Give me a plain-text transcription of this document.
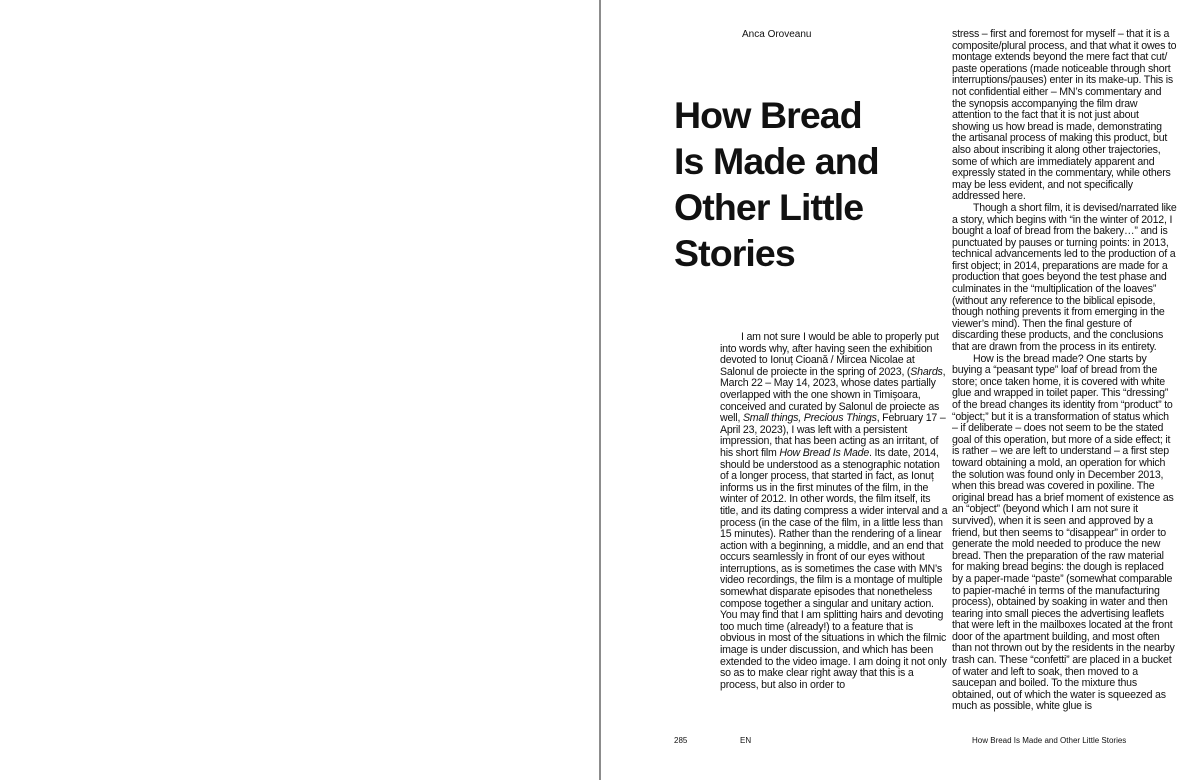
Anca Oroveanu
How Bread
Is Made and
Other Little
Stories

I am not sure I would be able to properly put into words why, after having seen the exhibition devoted to Ionuț Cioană / Mircea Nicolae at Salonul de proiecte in the spring of 2023, (Shards, March 22 – May 14, 2023, whose dates partially overlapped with the one shown in Timișoara, conceived and curated by Salonul de proiecte as well, Small things, Precious Things, February 17 – April 23, 2023), I was left with a persistent impression, that has been acting as an irritant, of his short film How Bread Is Made. Its date, 2014, should be understood as a stenographic notation of a longer process, that started in fact, as Ionuț informs us in the first minutes of the film, in the winter of 2012. In other words, the film itself, its title, and its dating compress a wider interval and a process (in the case of the film, in a little less than 15 minutes). Rather than the rendering of a linear action with a beginning, a middle, and an end that occurs seamlessly in front of our eyes without interruptions, as is sometimes the case with MN’s video recordings, the film is a montage of multiple somewhat disparate episodes that nonetheless compose together a singular and unitary action. You may find that I am splitting hairs and devoting too much time (already!) to a feature that is obvious in most of the situations in which the filmic image is under discussion, and which has been extended to the video image. I am doing it not only so as to make clear right away that this is a process, but also in order to

stress – first and foremost for myself – that it is a composite/plural process, and that what it owes to montage extends beyond the mere fact that cut/ paste operations (made noticeable through short interruptions/pauses) enter in its make-up. This is not confidential either – MN’s commentary and the synopsis accompanying the film draw attention to the fact that it is not just about showing us how bread is made, demonstrating the artisanal process of making this product, but also about inscribing it along other trajectories, some of which are immediately apparent and expressly stated in the commentary, while others may be less evident, and not specifically addressed here.

Though a short film, it is devised/narrated like a story, which begins with “in the winter of 2012, I bought a loaf of bread from the bakery…” and is punctuated by pauses or turning points: in 2013, technical advancements led to the production of a first object; in 2014, preparations are made for a production that goes beyond the test phase and culminates in the “multiplication of the loaves” (without any reference to the biblical episode, though nothing prevents it from emerging in the viewer’s mind). Then the final gesture of discarding these products, and the conclusions that are drawn from the process in its entirety.

How is the bread made? One starts by buying a “peasant type” loaf of bread from the store; once taken home, it is covered with white glue and wrapped in toilet paper. This “dressing” of the bread changes its identity from “product” to “object;” but it is a transformation of status which – if deliberate – does not seem to be the stated goal of this operation, but more of a side effect; it is rather – we are left to understand – a first step toward obtaining a mold, an operation for which the solution was found only in December 2013, when this bread was covered in poxiline. The original bread has a brief moment of existence as an “object” (beyond which I am not sure it survived), when it is seen and approved by a friend, but then seems to “disappear” in order to generate the mold needed to produce the new bread. Then the preparation of the raw material for making bread begins: the dough is replaced by a paper-made “paste” (somewhat comparable to papier-maché in terms of the manufacturing process), obtained by soaking in water and then tearing into small pieces the advertising leaflets that were left in the mailboxes located at the front door of the apartment building, and most often than not thrown out by the residents in the nearby trash can. These “confetti” are placed in a bucket of water and left to soak, then moved to a saucepan and boiled. To the mixture thus obtained, out of which the water is squeezed as much as possible, white glue is

285	EN	How Bread Is Made and Other Little Stories
